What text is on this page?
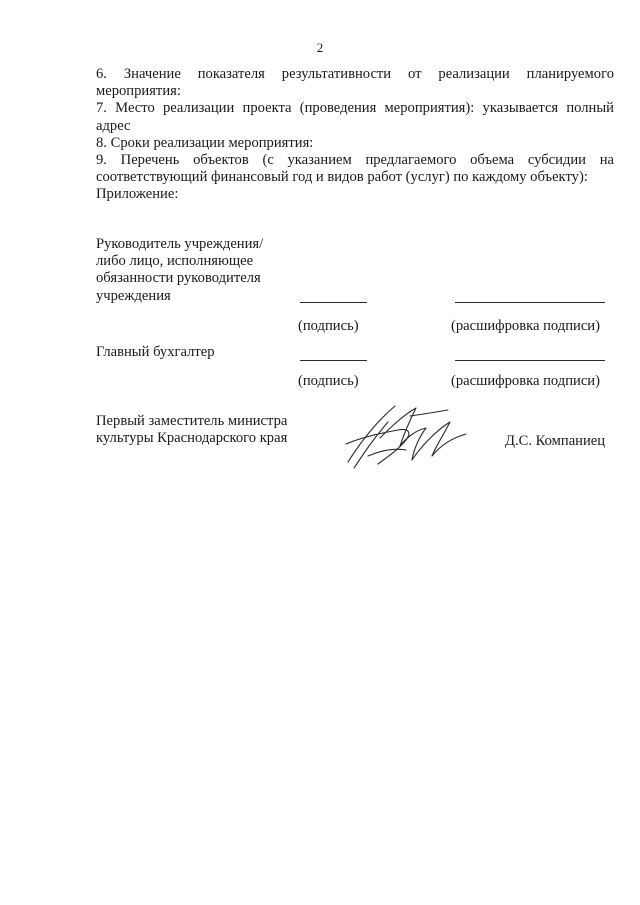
2
6. Значение показателя результативности от реализации планируемого
мероприятия:
7. Место реализации проекта (проведения мероприятия): указывается полный
адрес
8. Сроки реализации мероприятия:
9. Перечень объектов (с указанием предлагаемого объема субсидии на
соответствующий финансовый год и видов работ (услуг) по каждому объекту):
Приложение:
Руководитель учреждения/
либо лицо, исполняющее
обязанности руководителя
учреждения
(подпись)	(расшифровка подписи)
Главный бухгалтер
(подпись)	(расшифровка подписи)
Первый заместитель министра
культуры Краснодарского края	Д.С. Компаниец
